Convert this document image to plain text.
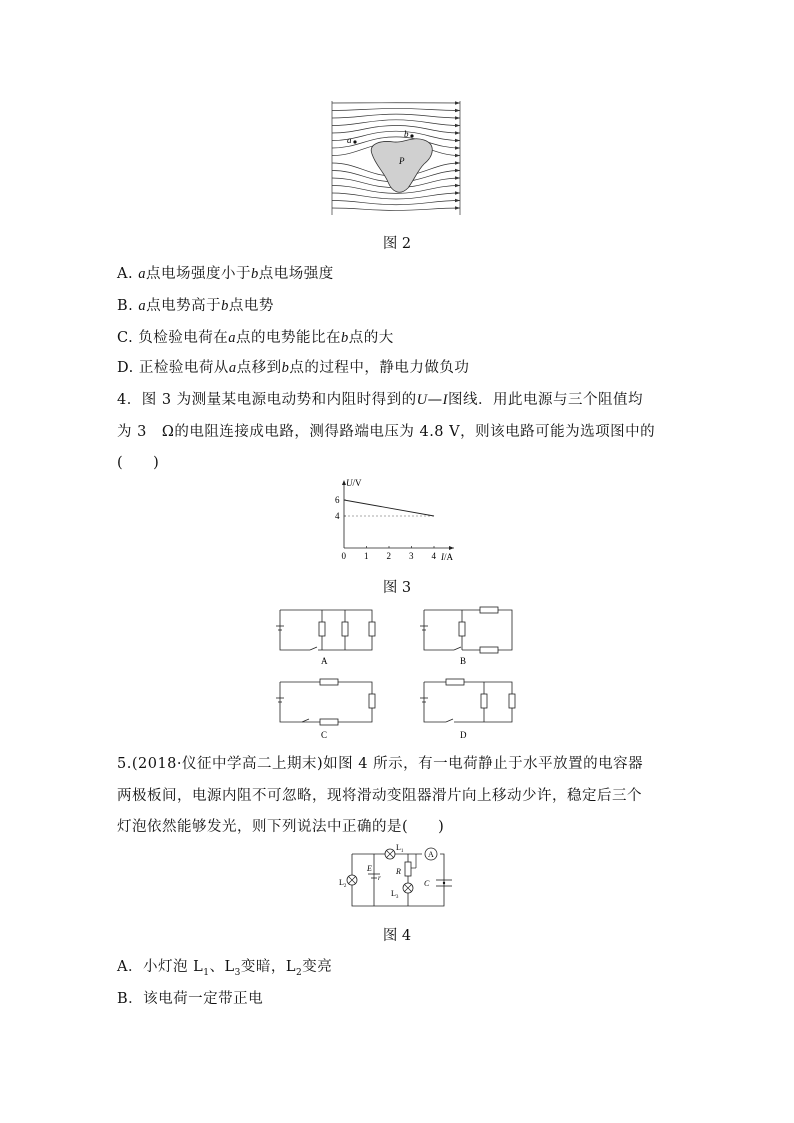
a
b
P
图 2
A. a点电场强度小于b点电场强度
B. a点电势高于b点电势
C. 负检验电荷在a点的电势能比在b点的大
D. 正检验电荷从a点移到b点的过程中，静电力做负功
4．图 3 为测量某电源电动势和内阻时得到的U—I图线．用此电源与三个阻值均
为 3　Ω的电阻连接成电路，测得路端电压为 4.8 V，则该电路可能为选项图中的
(　　)
0 1 2 3 4
6
4
U/V
I/A
图 3
A	B
C	D
5.(2018·仪征中学高二上期末)如图 4 所示，有一电荷静止于水平放置的电容器
两极板间，电源内阻不可忽略，现将滑动变阻器滑片向上移动少许，稳定后三个
灯泡依然能够发光，则下列说法中正确的是(　　)
A
$L_1$
$L_2$
$L_3$
E
r
R
C
图 4
A．小灯泡 $L_1$、$L_3$变暗，$L_2$变亮
B．该电荷一定带正电
